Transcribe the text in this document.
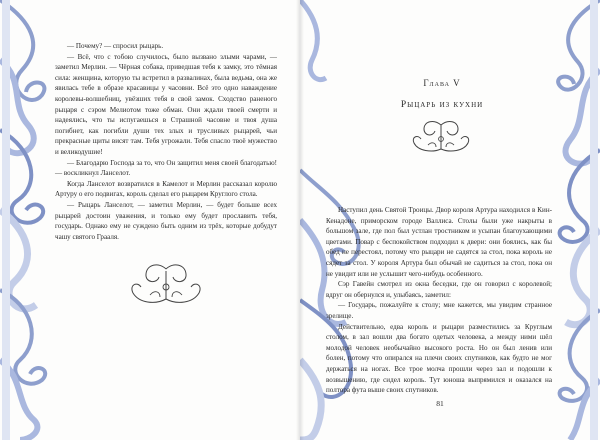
— Почему? — спросил рыцарь.

— Всё, что с тобою случилось, было вызвано злыми чарами, — заметил Мерлин. — Чёрная собака, приведшая тебя к замку, это тёмная сила: женщина, которую ты встретил в развалинах, была ведьма, она же явилась тебе в образе красавицы у часовни. Всё это одно наваждение королевы-волшебниц, увёзших тебя в свой замок. Сходство раненого рыцаря с сэром Мелиотом тоже обман. Они ждали твоей смерти и надеялись, что ты испугаешься в Страшной часовне и твоя душа погибнет, как погибли души тех злых и трусливых рыцарей, чьи прекрасные щиты висят там. Тебя угрожали. Тебя спасло твоё мужество и великодушие!

— Благодарю Господа за то, что Он защитил меня своей благодатью! — воскликнул Ланселот.

Когда Ланселот возвратился в Камелот и Мерлин рассказал королю Артуру о его подвигах, король сделал его рыцарем Круглого стола.

— Рыцарь Ланселот, — заметил Мерлин, — будет больше всех рыцарей достоин уважения, и только ему будет прославить тебя, государь. Однако ему не суждено быть одним из трёх, которые добудут чашу святого Грааля.

Наступил день Святой Троицы. Двор короля Артура находился в Кин-Кенадоне, приморском городе Валлиса. Столы были уже накрыты в большом зале, где пол был устлан тростником и усыпан благоухающими цветами. Повар с беспокойством подходил к двери: они боялись, как бы обед не перестоял, потому что рыцари не садятся за стол, пока король не сядет за стол. У короля Артура был обычай не садиться за стол, пока он не увидит или не услышит чего-нибудь особенного.

Сэр Гавейн смотрел из окна беседки, где он говорил с королевой; вдруг он обернулся и, улыбаясь, заметил:

— Государь, пожалуйте к столу; мне кажется, мы увидим странное зрелище.

Действительно, едва король и рыцари разместились за Круглым столом, в зал вошли два богато одетых человека, а между ними шёл молодой человек необычайно высокого роста. Но он был ленив или болен, потому что опирался на плечи своих спутников, как будто не мог держаться на ногах. Все трое молча прошли через зал и подошли к возвышению, где сидел король. Тут юноша выпрямился и оказался на полтора фута выше своих спутников.

Глава V
Рыцарь из кухни
81
